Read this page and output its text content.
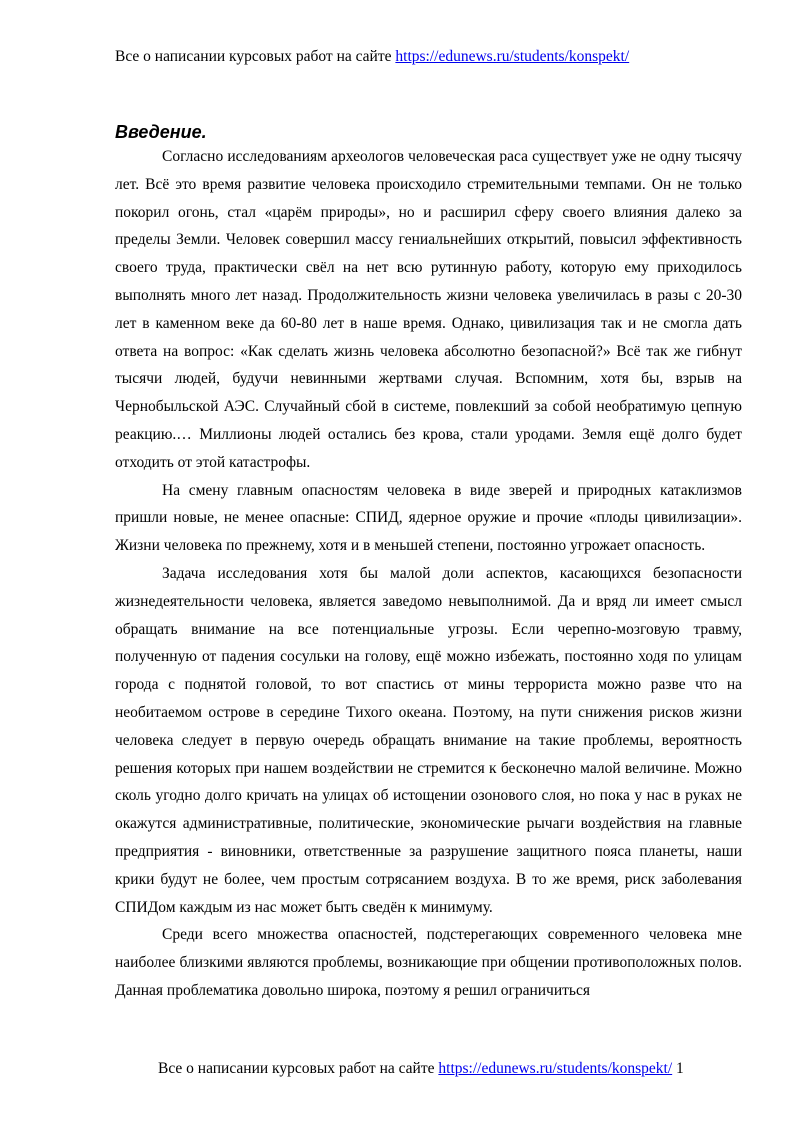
Все о написании курсовых работ на сайте https://edunews.ru/students/konspekt/
Введение.

Согласно исследованиям археологов человеческая раса существует уже не одну тысячу лет. Всё это время развитие человека происходило стремительными темпами. Он не только покорил огонь, стал «царём природы», но и расширил сферу своего влияния далеко за пределы Земли. Человек совершил массу гениальнейших открытий, повысил эффективность своего труда, практически свёл на нет всю рутинную работу, которую ему приходилось выполнять много лет назад. Продолжительность жизни человека увеличилась в разы с 20-30 лет в каменном веке да 60-80 лет в наше время. Однако, цивилизация так и не смогла дать ответа на вопрос: «Как сделать жизнь человека абсолютно безопасной?» Всё так же гибнут тысячи людей, будучи невинными жертвами случая. Вспомним, хотя бы, взрыв на Чернобыльской АЭС. Случайный сбой в системе, повлекший за собой необратимую цепную реакцию.… Миллионы людей остались без крова, стали уродами. Земля ещё долго будет отходить от этой катастрофы.

На смену главным опасностям человека в виде зверей и природных катаклизмов пришли новые, не менее опасные: СПИД, ядерное оружие и прочие «плоды цивилизации». Жизни человека по прежнему, хотя и в меньшей степени, постоянно угрожает опасность.

Задача исследования хотя бы малой доли аспектов, касающихся безопасности жизнедеятельности человека, является заведомо невыполнимой. Да и вряд ли имеет смысл обращать внимание на все потенциальные угрозы. Если черепно-мозговую травму, полученную от падения сосульки на голову, ещё можно избежать, постоянно ходя по улицам города с поднятой головой, то вот спастись от мины террориста можно разве что на необитаемом острове в середине Тихого океана. Поэтому, на пути снижения рисков жизни человека следует в первую очередь обращать внимание на такие проблемы, вероятность решения которых при нашем воздействии не стремится к бесконечно малой величине. Можно сколь угодно долго кричать на улицах об истощении озонового слоя, но пока у нас в руках не окажутся административные, политические, экономические рычаги воздействия на главные предприятия - виновники, ответственные за разрушение защитного пояса планеты, наши крики будут не более, чем простым сотрясанием воздуха. В то же время, риск заболевания СПИДом каждым из нас может быть сведён к минимуму.

Среди всего множества опасностей, подстерегающих современного человека мне наиболее близкими являются проблемы, возникающие при общении противоположных полов. Данная проблематика довольно широка, поэтому я решил ограничиться

Все о написании курсовых работ на сайте https://edunews.ru/students/konspekt/ 1
